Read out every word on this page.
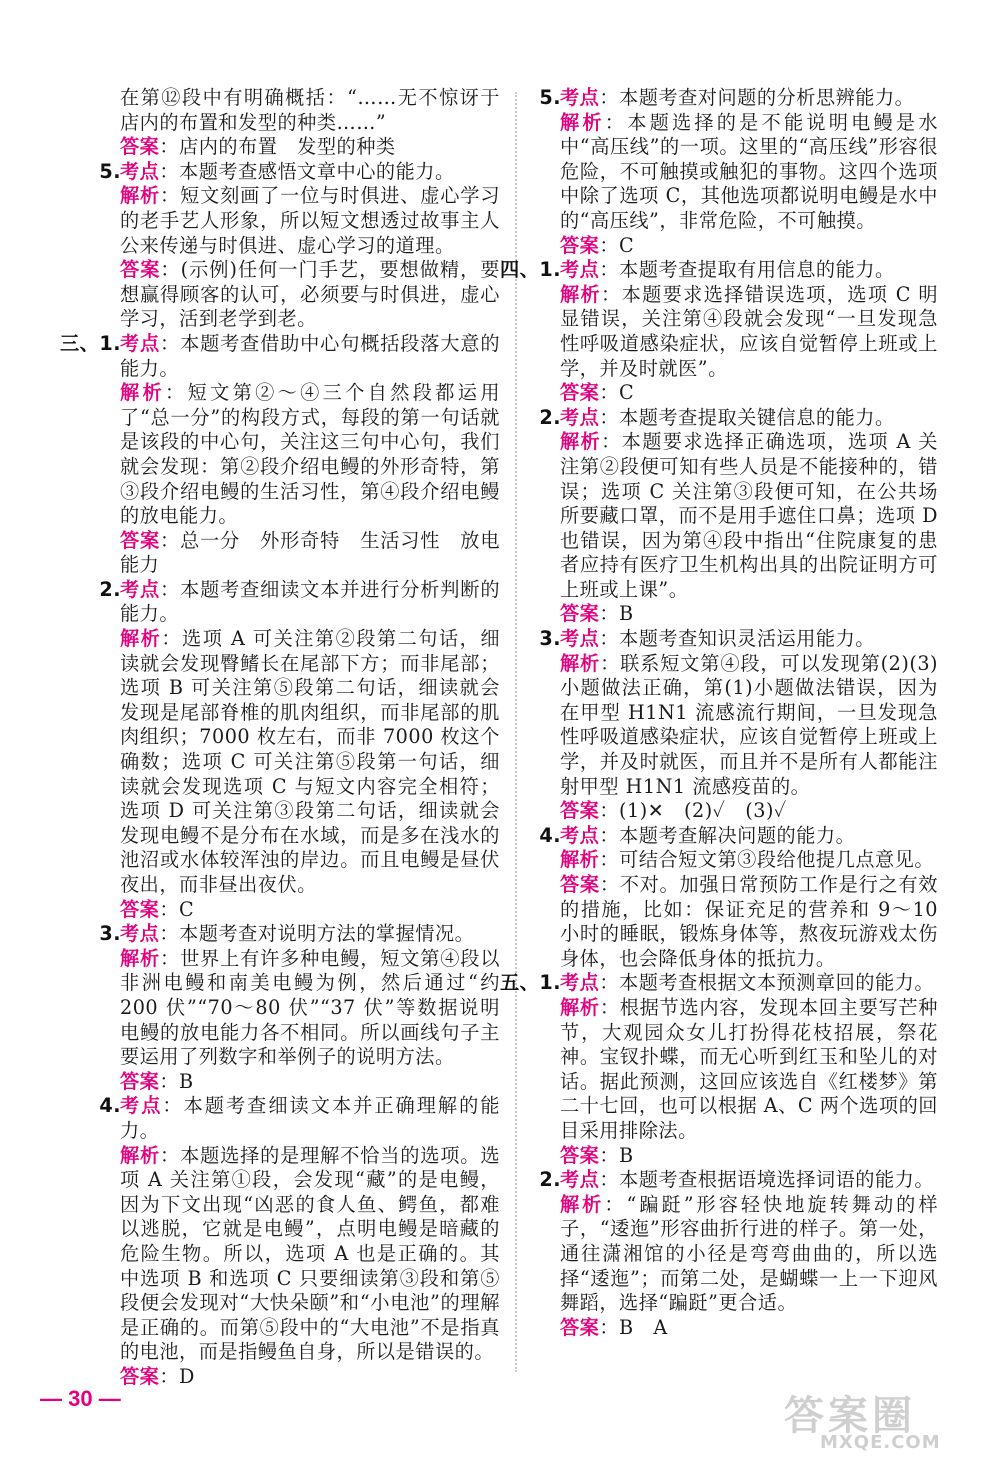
在第⑫段中有明确概括：“……无不惊讶于店内的布置和发型的种类……”
答案：店内的布置　发型的种类
5. 考点：本题考查感悟文章中心的能力。
解析：短文刻画了一位与时俱进、虚心学习的老手艺人形象，所以短文想透过故事主人公来传递与时俱进、虚心学习的道理。
答案：(示例)任何一门手艺，要想做精，要想赢得顾客的认可，必须要与时俱进，虚心学习，活到老学到老。
三、1. 考点：本题考查借助中心句概括段落大意的能力。
解析：短文第②～④三个自然段都运用了“总一分”的构段方式，每段的第一句话就是该段的中心句，关注这三句中心句，我们就会发现：第②段介绍电鳗的外形奇特，第③段介绍电鳗的生活习性，第④段介绍电鳗的放电能力。
答案：总一分　外形奇特　生活习性　放电能力
2. 考点：本题考查细读文本并进行分析判断的能力。
解析：选项 A 可关注第②段第二句话，细读就会发现臀鳍长在尾部下方；而非尾部；选项 B 可关注第⑤段第二句话，细读就会发现是尾部脊椎的肌肉组织，而非尾部的肌肉组织；7000 枚左右，而非 7000 枚这个确数；选项 C 可关注第⑤段第一句话，细读就会发现选项 C 与短文内容完全相符；选项 D 可关注第③段第二句话，细读就会发现电鳗不是分布在水域，而是多在浅水的池沼或水体较浑浊的岸边。而且电鳗是昼伏夜出，而非昼出夜伏。
答案：C
3. 考点：本题考查对说明方法的掌握情况。
解析：世界上有许多种电鳗，短文第④段以非洲电鳗和南美电鳗为例，然后通过“约 200 伏”“70～80 伏”“37 伏”等数据说明电鳗的放电能力各不相同。所以画线句子主要运用了列数字和举例子的说明方法。
答案：B
4. 考点：本题考查细读文本并正确理解的能力。
解析：本题选择的是理解不恰当的选项。选项 A 关注第①段，会发现“藏”的是电鳗，因为下文出现“凶恶的食人鱼、鳄鱼，都难以逃脱，它就是电鳗”，点明电鳗是暗藏的危险生物。所以，选项 A 也是正确的。其中选项 B 和选项 C 只要细读第③段和第⑤段便会发现对“大快朵颐”和“小电池”的理解是正确的。而第⑤段中的“大电池”不是指真的电池，而是指鳗鱼自身，所以是错误的。
答案：D
5. 考点：本题考查对问题的分析思辨能力。
解析：本题选择的是不能说明电鳗是水中“高压线”的一项。这里的“高压线”形容很危险，不可触摸或触犯的事物。这四个选项中除了选项 C，其他选项都说明电鳗是水中的“高压线”，非常危险，不可触摸。
答案：C
四、1. 考点：本题考查提取有用信息的能力。
解析：本题要求选择错误选项，选项 C 明显错误，关注第④段就会发现“一旦发现急性呼吸道感染症状，应该自觉暂停上班或上学，并及时就医”。
答案：C
2. 考点：本题考查提取关键信息的能力。
解析：本题要求选择正确选项，选项 A 关注第②段便可知有些人员是不能接种的，错误；选项 C 关注第③段便可知，在公共场所要藏口罩，而不是用手遮住口鼻；选项 D 也错误，因为第④段中指出“住院康复的患者应持有医疗卫生机构出具的出院证明方可上班或上课”。
答案：B
3. 考点：本题考查知识灵活运用能力。
解析：联系短文第④段，可以发现第(2)(3)小题做法正确，第(1)小题做法错误，因为在甲型 H1N1 流感流行期间，一旦发现急性呼吸道感染症状，应该自觉暂停上班或上学，并及时就医，而且并不是所有人都能注射甲型 H1N1 流感疫苗的。
答案：(1)✕　(2)✓　(3)✓
4. 考点：本题考查解决问题的能力。
解析：可结合短文第③段给他提几点意见。
答案：不对。加强日常预防工作是行之有效的措施，比如：保证充足的营养和 9～10 小时的睡眠，锻炼身体等，熬夜玩游戏太伤身体，也会降低身体的抵抗力。
五、1. 考点：本题考查根据文本预测章回的能力。
解析：根据节选内容，发现本回主要写芒种节，大观园众女儿打扮得花枝招展，祭花神。宝钗扑蝶，而无心听到红玉和坠儿的对话。据此预测，这回应该选自《红楼梦》第二十七回，也可以根据 A、C 两个选项的回目采用排除法。
答案：B
2. 考点：本题考查根据语境选择词语的能力。
解析：“蹁跹”形容轻快地旋转舞动的样子，“逶迤”形容曲折行进的样子。第一处，通往潇湘馆的小径是弯弯曲曲的，所以选择“逶迤”；而第二处，是蝴蝶一上一下迎风舞蹈，选择“蹁跹”更合适。
答案：B　A
— 30 —	答案圈
MXQE.COM
